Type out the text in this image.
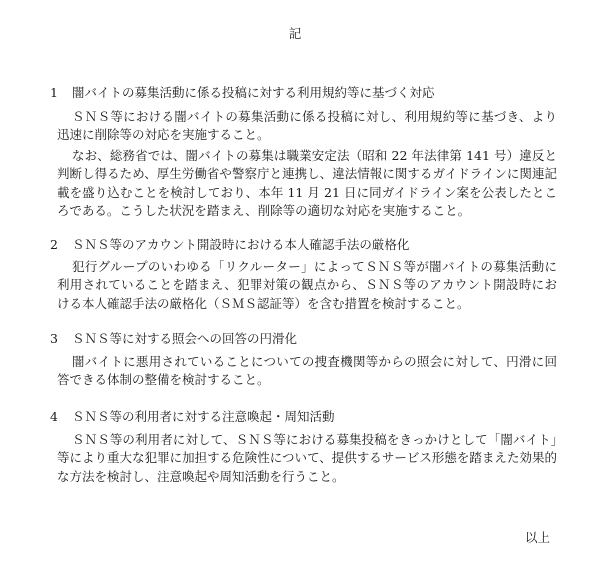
記
1 闇バイトの募集活動に係る投稿に対する利用規約等に基づく対応
ＳＮＳ等における闇バイトの募集活動に係る投稿に対し、利用規約等に基づき、より迅速に削除等の対応を実施すること。
なお、総務省では、闇バイトの募集は職業安定法（昭和 22 年法律第 141 号）違反と判断し得るため、厚生労働省や警察庁と連携し、違法情報に関するガイドラインに関連記載を盛り込むことを検討しており、本年 11 月 21 日に同ガイドライン案を公表したところである。こうした状況を踏まえ、削除等の適切な対応を実施すること。
2 ＳＮＳ等のアカウント開設時における本人確認手法の厳格化
犯行グループのいわゆる「リクルーター」によってＳＮＳ等が闇バイトの募集活動に利用されていることを踏まえ、犯罪対策の観点から、ＳＮＳ等のアカウント開設時における本人確認手法の厳格化（ＳＭＳ認証等）を含む措置を検討すること。
3 ＳＮＳ等に対する照会への回答の円滑化
闇バイトに悪用されていることについての捜査機関等からの照会に対して、円滑に回答できる体制の整備を検討すること。
4 ＳＮＳ等の利用者に対する注意喚起・周知活動
ＳＮＳ等の利用者に対して、ＳＮＳ等における募集投稿をきっかけとして「闇バイト」等により重大な犯罪に加担する危険性について、提供するサービス形態を踏まえた効果的な方法を検討し、注意喚起や周知活動を行うこと。
以上
